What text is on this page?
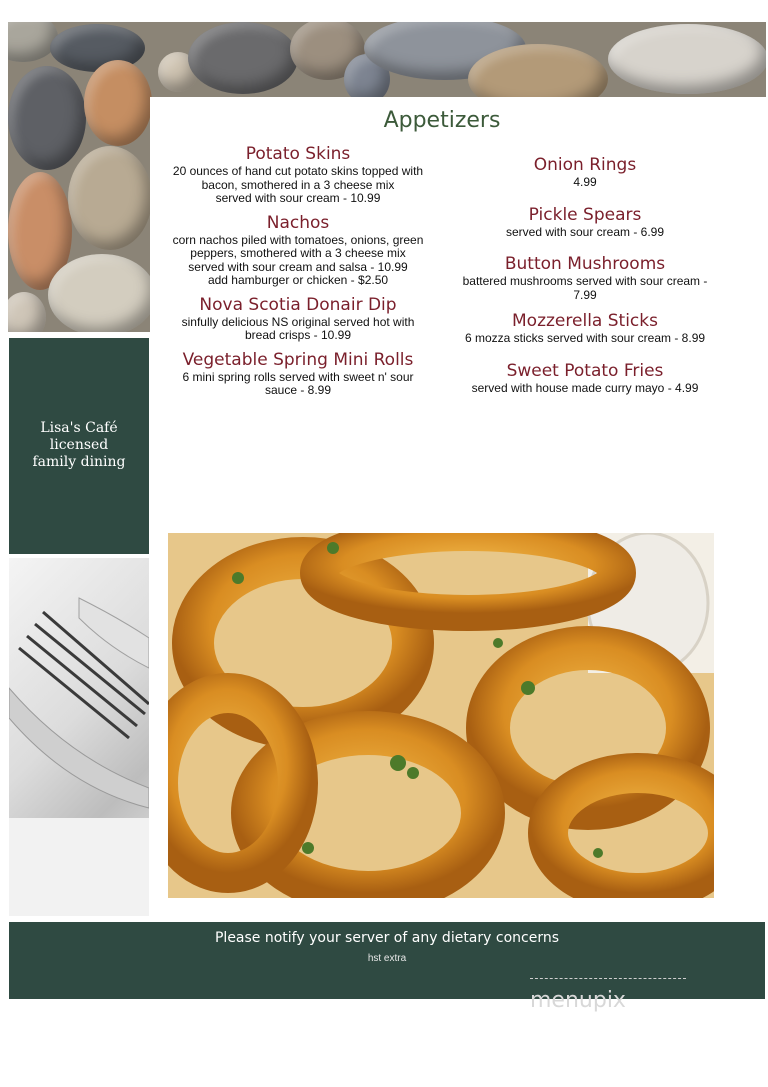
Appetizers

Potato Skins

20 ounces of hand cut potato skins topped with

bacon, smothered in a 3 cheese mix

served with sour cream - 10.99

Nachos

corn nachos piled with tomatoes, onions, green

peppers, smothered with a 3 cheese mix

served with sour cream and salsa - 10.99

add hamburger or chicken - $2.50

Nova Scotia Donair Dip

sinfully delicious NS original served hot with

bread crisps - 10.99

Vegetable Spring Mini Rolls

6 mini spring rolls served with sweet n' sour

sauce - 8.99

Onion Rings

4.99

Pickle Spears

served with sour cream - 6.99

Button Mushrooms

battered mushrooms served with sour cream -

7.99

Mozzerella Sticks

6 mozza sticks served with sour cream - 8.99

Sweet Potato Fries

served with house made curry mayo - 4.99

Lisa's Café
licensed
family dining
Please notify your server of any dietary concerns
hst extra
menupix
